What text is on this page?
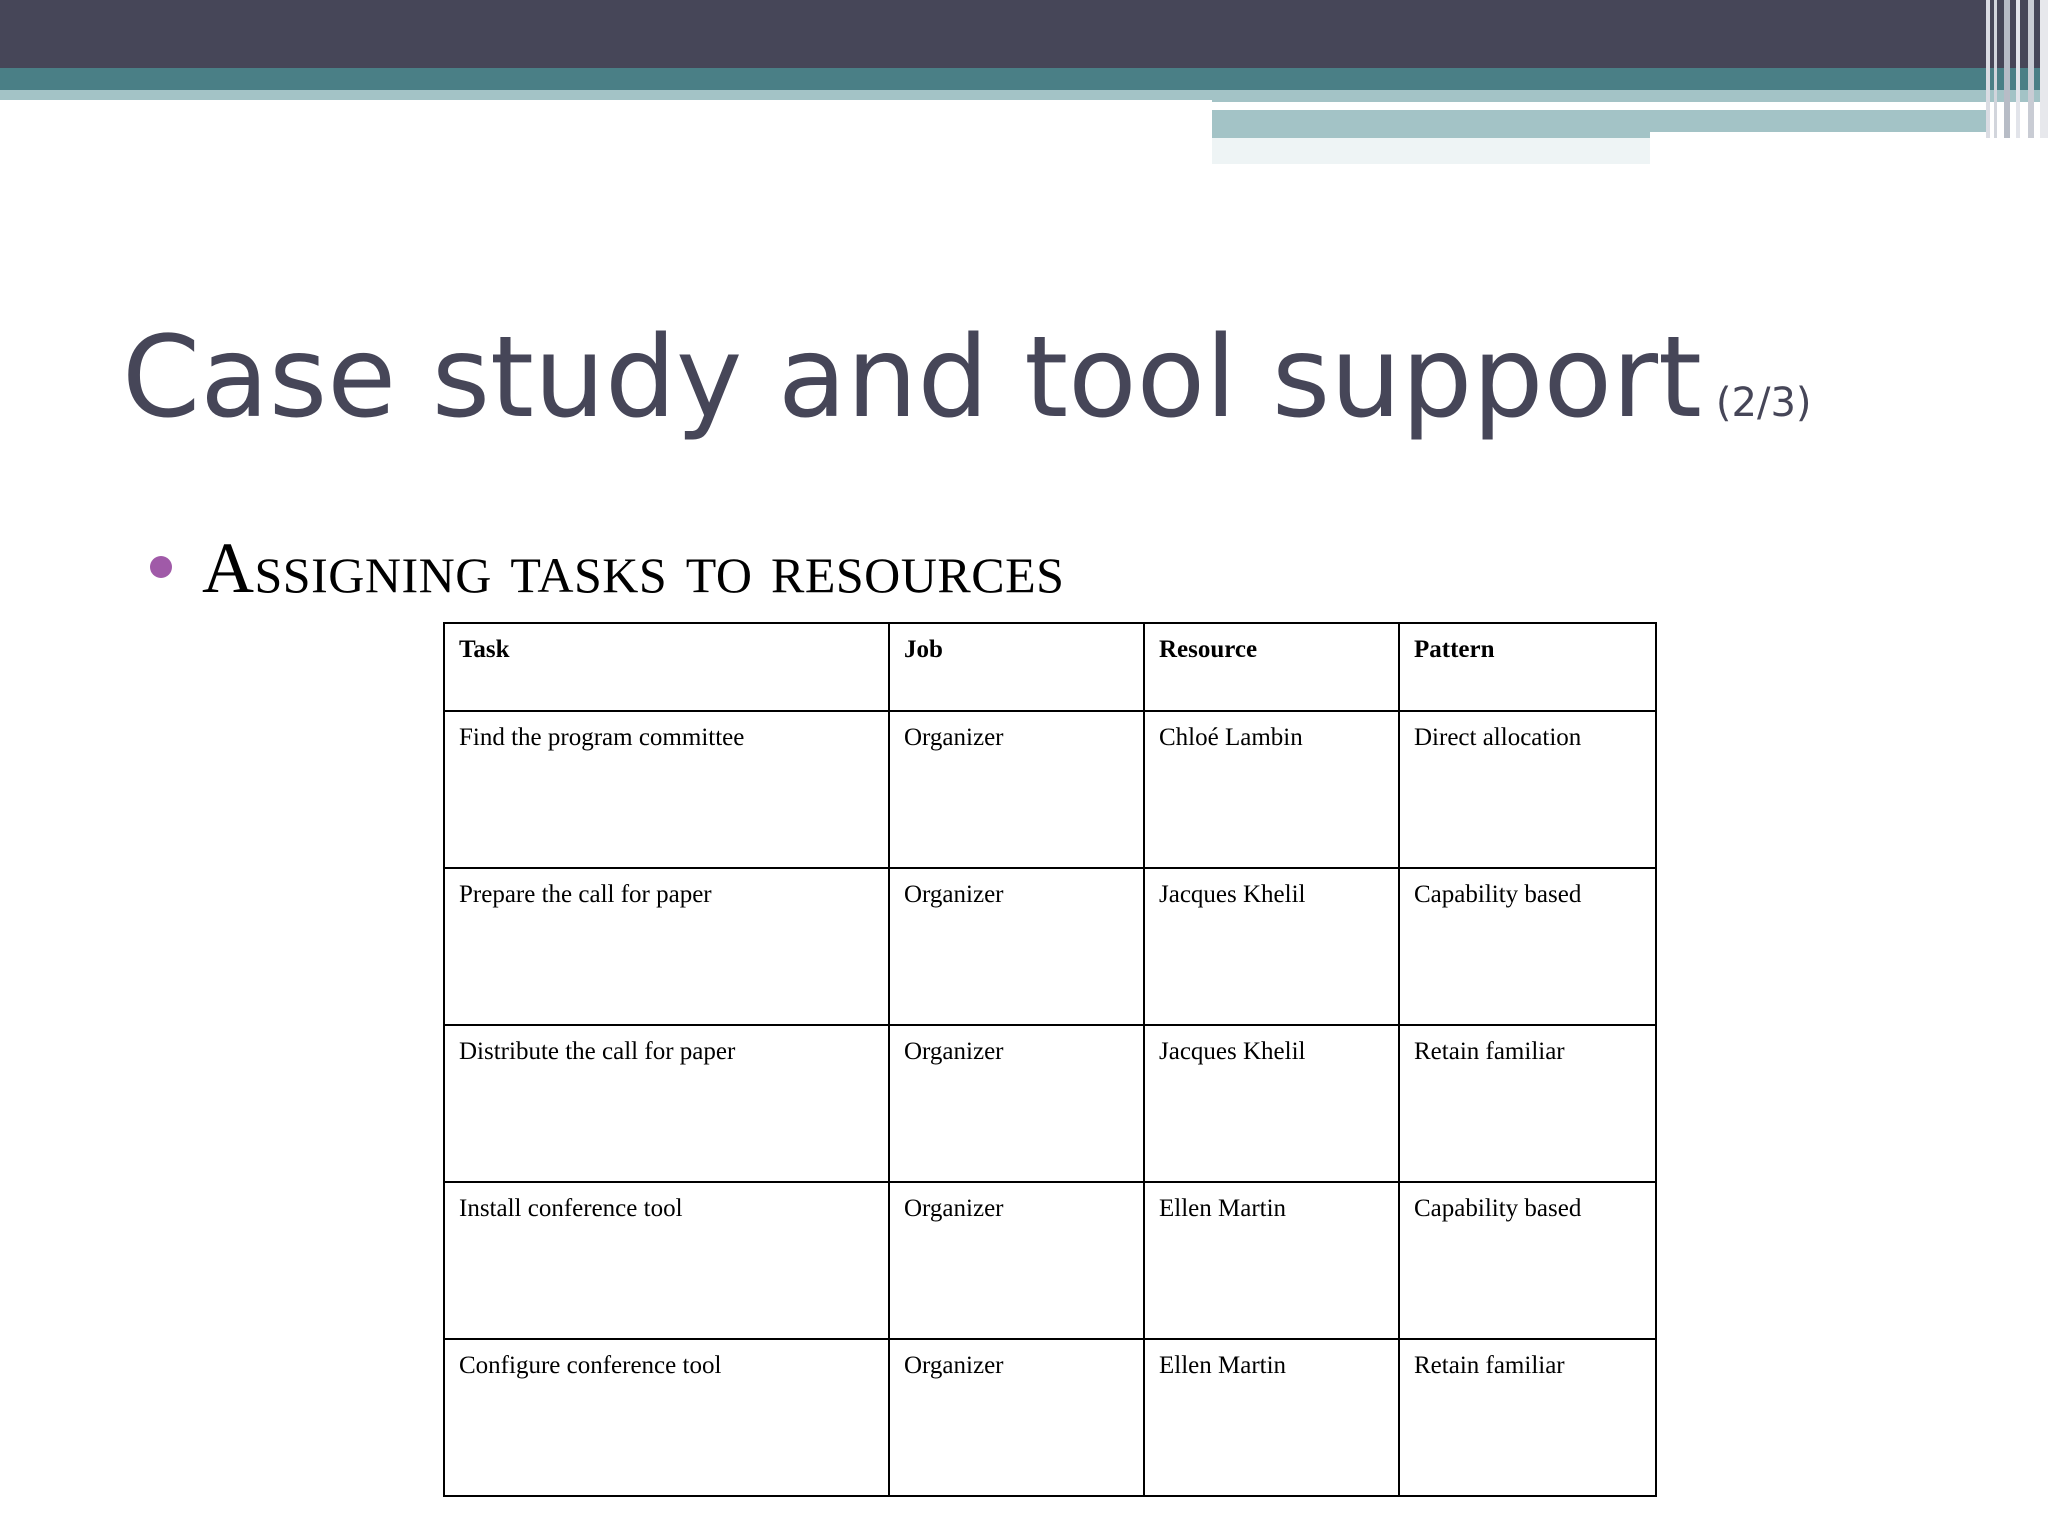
Case study and tool support (2/3)

Assigning tasks to resources

Task	Job	Resource	Pattern
Find the program committee	Organizer	Chloé Lambin	Direct allocation
Prepare the call for paper	Organizer	Jacques Khelil	Capability based
Distribute the call for paper	Organizer	Jacques Khelil	Retain familiar
Install conference tool	Organizer	Ellen Martin	Capability based
Configure conference tool	Organizer	Ellen Martin	Retain familiar
